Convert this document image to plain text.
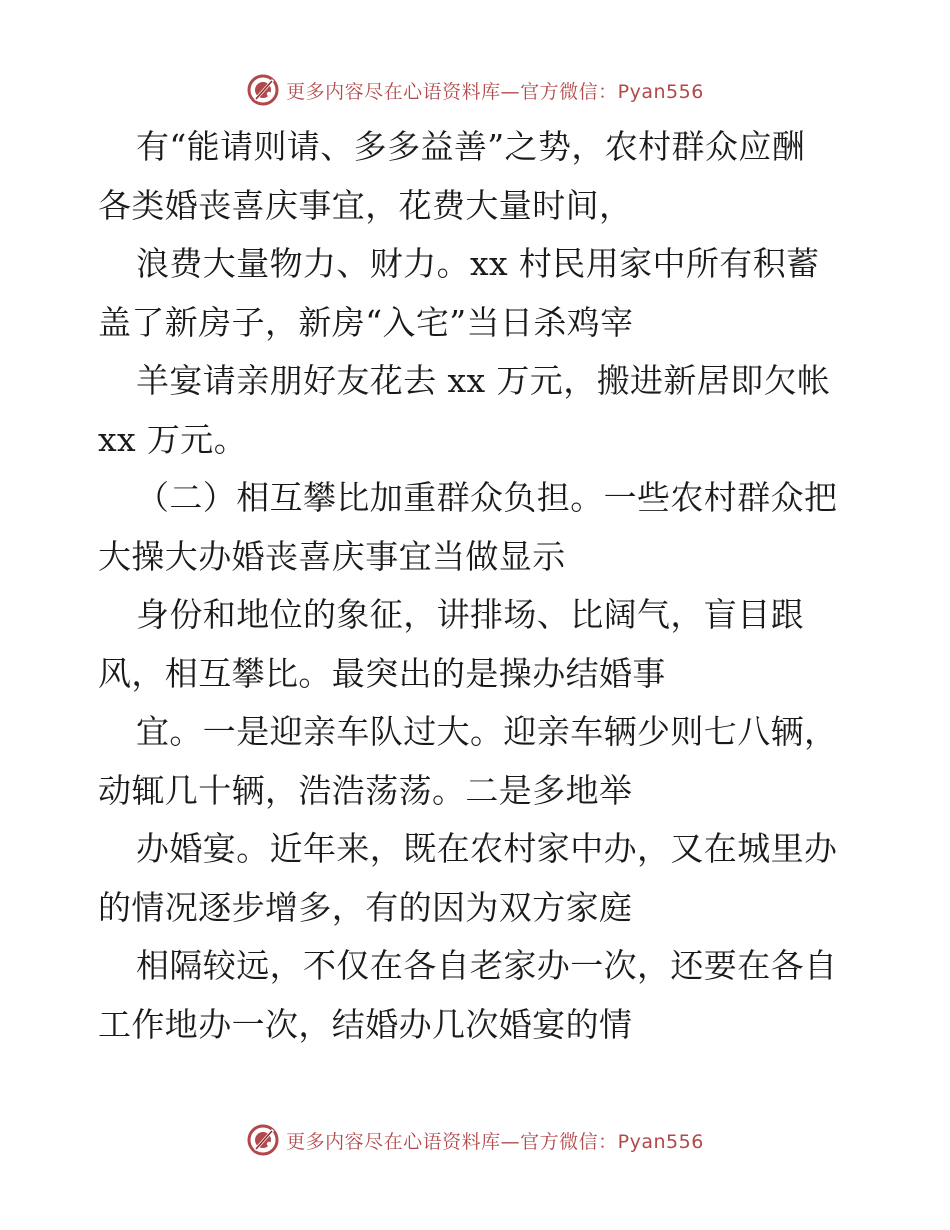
更多内容尽在心语资料库—官方微信：Pyan556
有“能请则请、多多益善”之势，农村群众应酬
各类婚丧喜庆事宜，花费大量时间，
浪费大量物力、财力。xx 村民用家中所有积蓄
盖了新房子，新房“入宅”当日杀鸡宰
羊宴请亲朋好友花去 xx 万元，搬进新居即欠帐
xx 万元。
（二）相互攀比加重群众负担。一些农村群众把
大操大办婚丧喜庆事宜当做显示
身份和地位的象征，讲排场、比阔气，盲目跟
风，相互攀比。最突出的是操办结婚事
宜。一是迎亲车队过大。迎亲车辆少则七八辆，
动辄几十辆，浩浩荡荡。二是多地举
办婚宴。近年来，既在农村家中办，又在城里办
的情况逐步增多，有的因为双方家庭
相隔较远，不仅在各自老家办一次，还要在各自
工作地办一次，结婚办几次婚宴的情
更多内容尽在心语资料库—官方微信：Pyan556
